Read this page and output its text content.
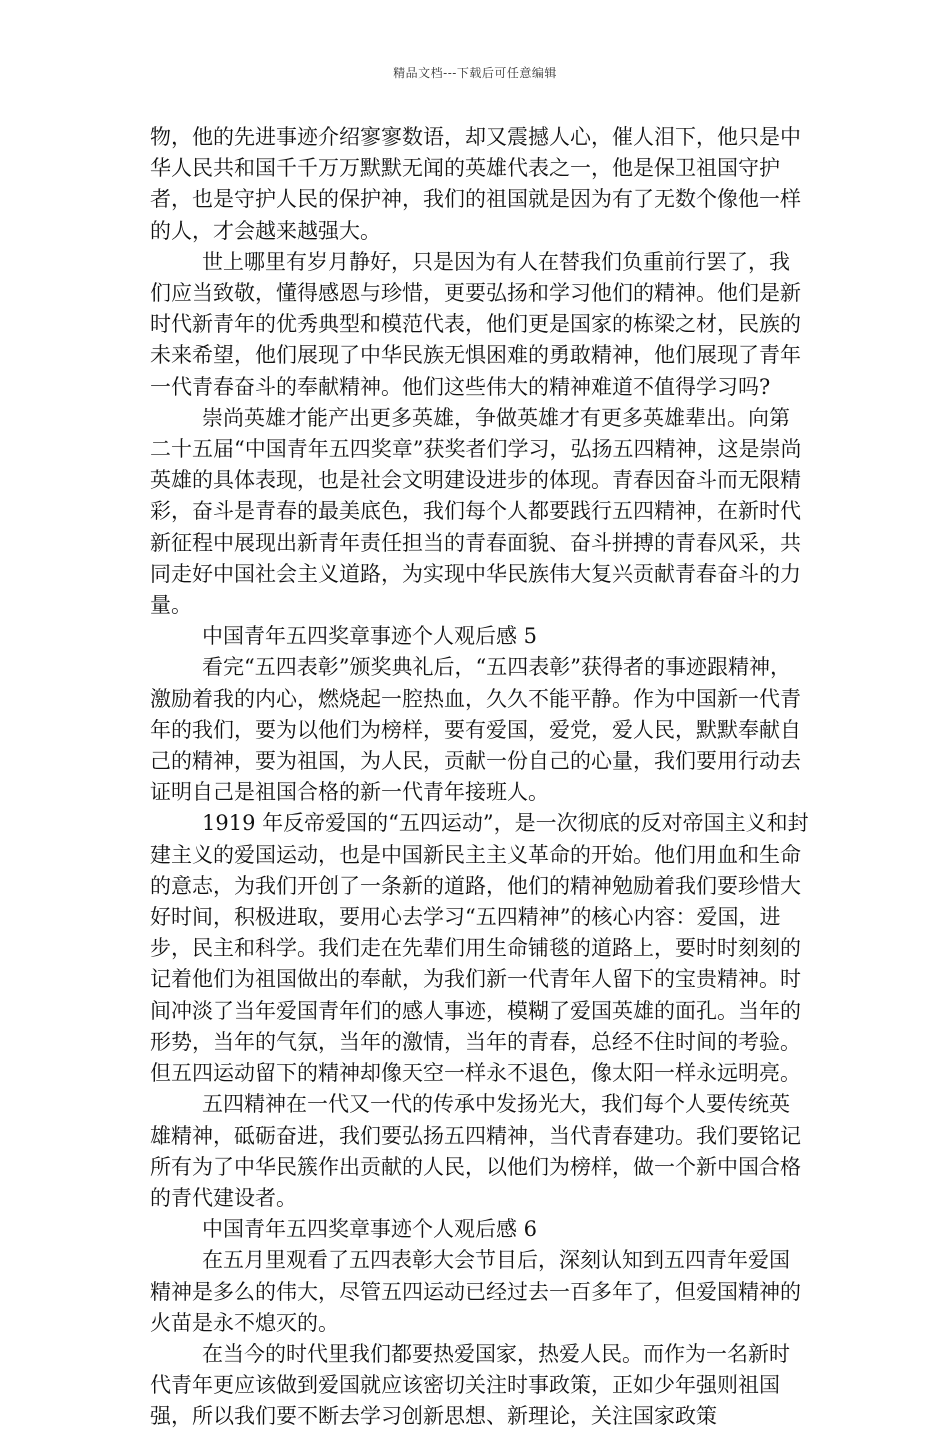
精品文档---下载后可任意编辑

物，他的先进事迹介绍寥寥数语，却又震撼人心，催人泪下，他只是中华人民共和国千千万万默默无闻的英雄代表之一，他是保卫祖国守护者，也是守护人民的保护神，我们的祖国就是因为有了无数个像他一样的人，才会越来越强大。

世上哪里有岁月静好，只是因为有人在替我们负重前行罢了，我们应当致敬，懂得感恩与珍惜，更要弘扬和学习他们的精神。他们是新时代新青年的优秀典型和模范代表，他们更是国家的栋梁之材，民族的未来希望，他们展现了中华民族无惧困难的勇敢精神，他们展现了青年一代青春奋斗的奉献精神。他们这些伟大的精神难道不值得学习吗?

崇尚英雄才能产出更多英雄，争做英雄才有更多英雄辈出。向第二十五届“中国青年五四奖章”获奖者们学习，弘扬五四精神，这是崇尚英雄的具体表现，也是社会文明建设进步的体现。青春因奋斗而无限精彩，奋斗是青春的最美底色，我们每个人都要践行五四精神，在新时代新征程中展现出新青年责任担当的青春面貌、奋斗拼搏的青春风采，共同走好中国社会主义道路，为实现中华民族伟大复兴贡献青春奋斗的力量。

中国青年五四奖章事迹个人观后感 5

看完“五四表彰”颁奖典礼后，“五四表彰”获得者的事迹跟精神，激励着我的内心，燃烧起一腔热血，久久不能平静。作为中国新一代青年的我们，要为以他们为榜样，要有爱国，爱党，爱人民，默默奉献自己的精神，要为祖国，为人民，贡献一份自己的心量，我们要用行动去证明自己是祖国合格的新一代青年接班人。

1919 年反帝爱国的“五四运动”，是一次彻底的反对帝国主义和封建主义的爱国运动，也是中国新民主主义革命的开始。他们用血和生命的意志，为我们开创了一条新的道路，他们的精神勉励着我们要珍惜大好时间，积极进取，要用心去学习“五四精神”的核心内容：爱国，进步，民主和科学。我们走在先辈们用生命铺毯的道路上，要时时刻刻的记着他们为祖国做出的奉献，为我们新一代青年人留下的宝贵精神。时间冲淡了当年爱国青年们的感人事迹，模糊了爱国英雄的面孔。当年的形势，当年的气氛，当年的激情，当年的青春，总经不住时间的考验。但五四运动留下的精神却像天空一样永不退色，像太阳一样永远明亮。

五四精神在一代又一代的传承中发扬光大，我们每个人要传统英雄精神，砥砺奋进，我们要弘扬五四精神，当代青春建功。我们要铭记所有为了中华民簇作出贡献的人民，以他们为榜样，做一个新中国合格的青代建设者。

中国青年五四奖章事迹个人观后感 6

在五月里观看了五四表彰大会节目后，深刻认知到五四青年爱国精神是多么的伟大，尽管五四运动已经过去一百多年了，但爱国精神的火苗是永不熄灭的。

在当今的时代里我们都要热爱国家，热爱人民。而作为一名新时代青年更应该做到爱国就应该密切关注时事政策，正如少年强则祖国强，所以我们要不断去学习创新思想、新理论，关注国家政策
